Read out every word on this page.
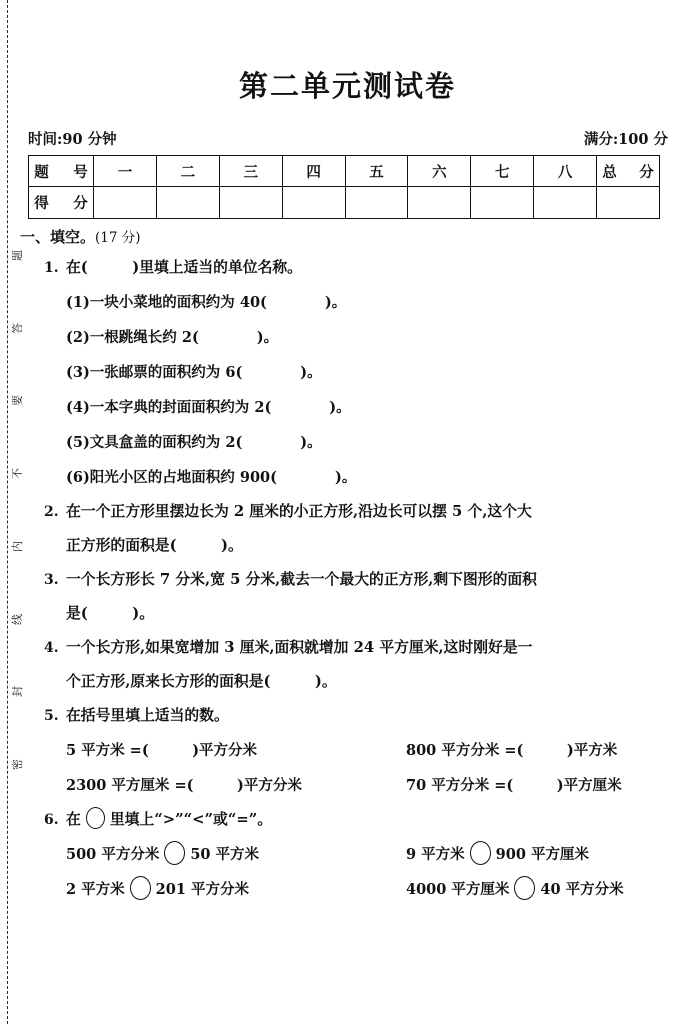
题
答
要
不
内
线
封
密
第二单元测试卷
时间:90 分钟	满分:100 分
题　号	一	二	三	四	五	六	七	八	总　分
得　分									
一、填空。(17 分)
1. 在(　　　)里填上适当的单位名称。
(1)一块小菜地的面积约为 40(　　　　)。
(2)一根跳绳长约 2(　　　　)。
(3)一张邮票的面积约为 6(　　　　)。
(4)一本字典的封面面积约为 2(　　　　)。
(5)文具盒盖的面积约为 2(　　　　)。
(6)阳光小区的占地面积约 900(　　　　)。
2. 在一个正方形里摆边长为 2 厘米的小正方形,沿边长可以摆 5 个,这个大
正方形的面积是(　　　)。
3. 一个长方形长 7 分米,宽 5 分米,截去一个最大的正方形,剩下图形的面积
是(　　　)。
4. 一个长方形,如果宽增加 3 厘米,面积就增加 24 平方厘米,这时刚好是一
个正方形,原来长方形的面积是(　　　)。
5. 在括号里填上适当的数。
5 平方米 =(　　　)平方分米	800 平方分米 =(　　　)平方米
2300 平方厘米 =(　　　)平方分米	70 平方分米 =(　　　)平方厘米
6. 在 里填上“>”“<”或“=”。
500 平方分米 50 平方米	9 平方米 900 平方厘米
2 平方米 201 平方分米	4000 平方厘米 40 平方分米
